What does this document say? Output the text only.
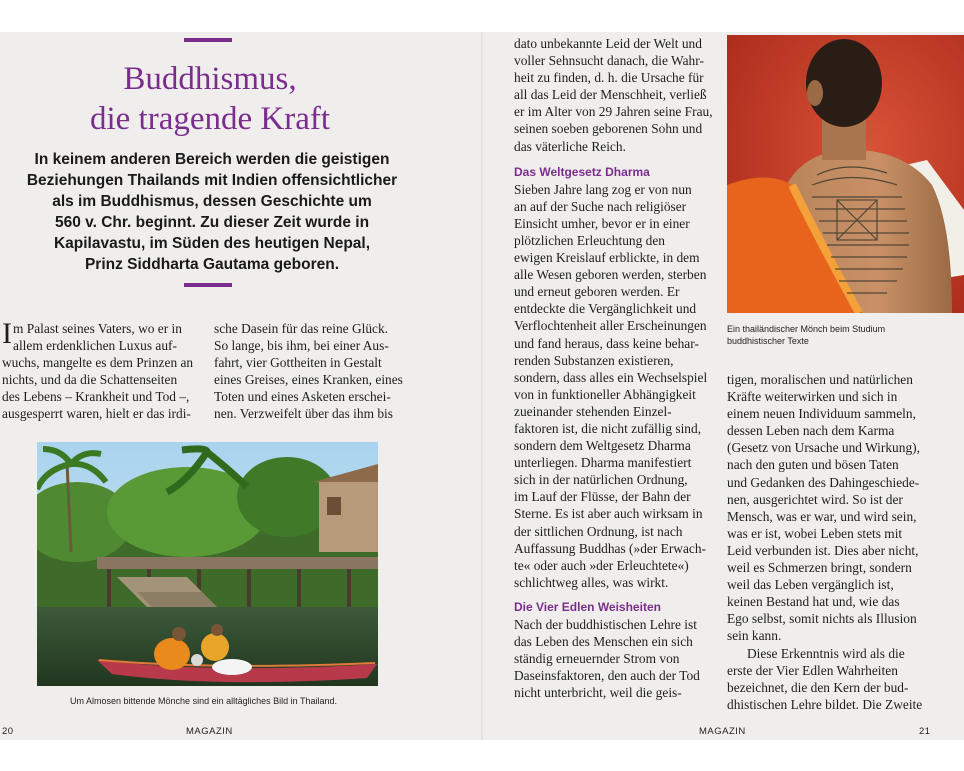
Buddhismus,
die tragende Kraft
In keinem anderen Bereich werden die geistigen
Beziehungen Thailands mit Indien offensichtlicher
als im Buddhismus, dessen Geschichte um
560 v. Chr. beginnt. Zu dieser Zeit wurde in
Kapilavastu, im Süden des heutigen Nepal,
Prinz Siddharta Gautama geboren.
I m Palast seines Vaters, wo er in
allem erdenklichen Luxus auf-
wuchs, mangelte es dem Prinzen an
nichts, und da die Schattenseiten
des Lebens – Krankheit und Tod –,
ausgesperrt waren, hielt er das irdi-
sche Dasein für das reine Glück.
So lange, bis ihm, bei einer Aus-
fahrt, vier Gottheiten in Gestalt
eines Greises, eines Kranken, eines
Toten und eines Asketen erschei-
nen. Verzweifelt über das ihm bis
Um Almosen bittende Mönche sind ein alltägliches Bild in Thailand.
20	MAGAZIN
dato unbekannte Leid der Welt und
voller Sehnsucht danach, die Wahr-
heit zu finden, d. h. die Ursache für
all das Leid der Menschheit, verließ
er im Alter von 29 Jahren seine Frau,
seinen soeben geborenen Sohn und
das väterliche Reich.
Das Weltgesetz Dharma
Sieben Jahre lang zog er von nun
an auf der Suche nach religiöser
Einsicht umher, bevor er in einer
plötzlichen Erleuchtung den
ewigen Kreislauf erblickte, in dem
alle Wesen geboren werden, sterben
und erneut geboren werden. Er
entdeckte die Vergänglichkeit und
Verflochtenheit aller Erscheinungen
und fand heraus, dass keine behar-
renden Substanzen existieren,
sondern, dass alles ein Wechselspiel
von in funktioneller Abhängigkeit
zueinander stehenden Einzel-
faktoren ist, die nicht zufällig sind,
sondern dem Weltgesetz Dharma
unterliegen. Dharma manifestiert
sich in der natürlichen Ordnung,
im Lauf der Flüsse, der Bahn der
Sterne. Es ist aber auch wirksam in
der sittlichen Ordnung, ist nach
Auffassung Buddhas (»der Erwach-
te« oder auch »der Erleuchtete«)
schlichtweg alles, was wirkt.
Die Vier Edlen Weisheiten
Nach der buddhistischen Lehre ist
das Leben des Menschen ein sich
ständig erneuernder Strom von
Daseinsfaktoren, den auch der Tod
nicht unterbricht, weil die geis-
Ein thailändischer Mönch beim Studium
buddhistischer Texte
tigen, moralischen und natürlichen
Kräfte weiterwirken und sich in
einem neuen Individuum sammeln,
dessen Leben nach dem Karma
(Gesetz von Ursache und Wirkung),
nach den guten und bösen Taten
und Gedanken des Dahingeschiede-
nen, ausgerichtet wird. So ist der
Mensch, was er war, und wird sein,
was er ist, wobei Leben stets mit
Leid verbunden ist. Dies aber nicht,
weil es Schmerzen bringt, sondern
weil das Leben vergänglich ist,
keinen Bestand hat und, wie das
Ego selbst, somit nichts als Illusion
sein kann.
Diese Erkenntnis wird als die
erste der Vier Edlen Wahrheiten
bezeichnet, die den Kern der bud-
dhistischen Lehre bildet. Die Zweite
MAGAZIN	21
